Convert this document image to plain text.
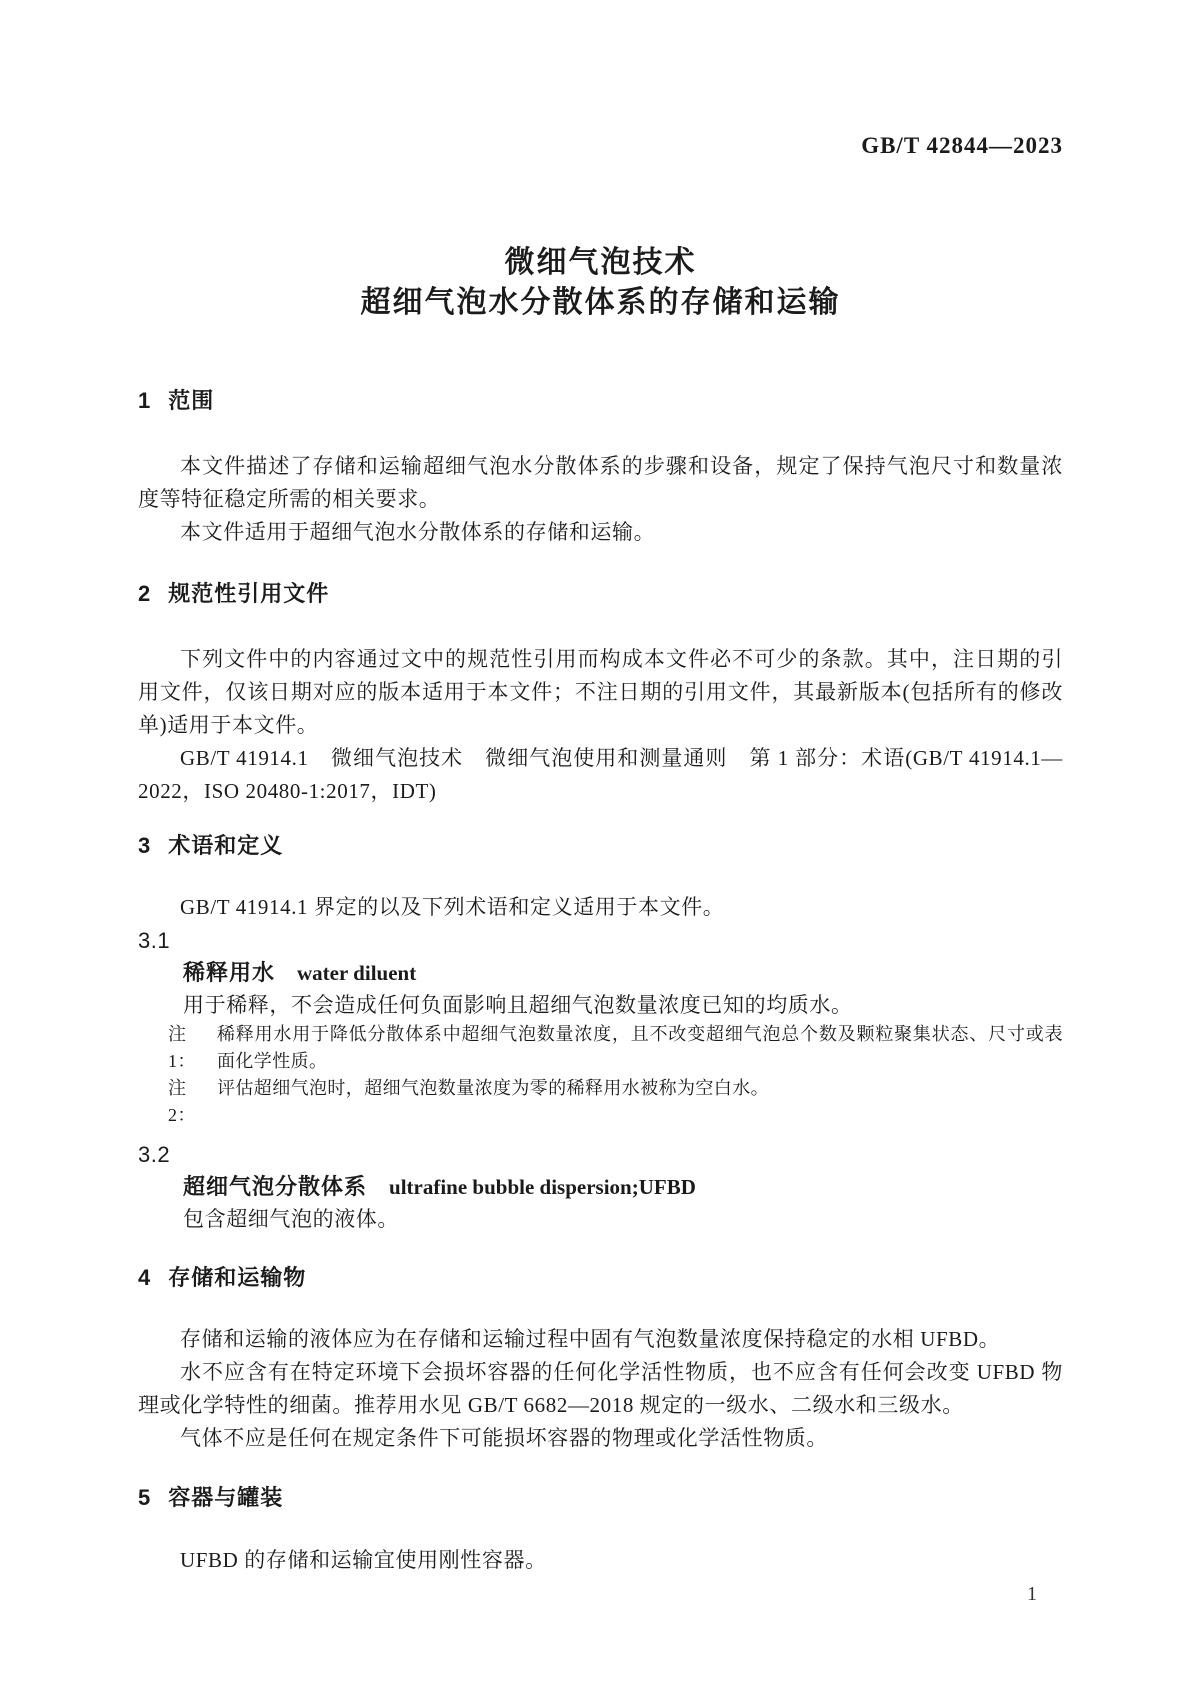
GB/T 42844—2023
微细气泡技术
超细气泡水分散体系的存储和运输
1 范围

本文件描述了存储和运输超细气泡水分散体系的步骤和设备，规定了保持气泡尺寸和数量浓度等特征稳定所需的相关要求。

本文件适用于超细气泡水分散体系的存储和运输。

2 规范性引用文件

下列文件中的内容通过文中的规范性引用而构成本文件必不可少的条款。其中，注日期的引用文件，仅该日期对应的版本适用于本文件；不注日期的引用文件，其最新版本(包括所有的修改单)适用于本文件。

GB/T 41914.1　微细气泡技术　微细气泡使用和测量通则　第 1 部分：术语(GB/T 41914.1—2022，ISO 20480-1:2017，IDT)

3 术语和定义

GB/T 41914.1 界定的以及下列术语和定义适用于本文件。

3.1
稀释用水 water diluent

用于稀释，不会造成任何负面影响且超细气泡数量浓度已知的均质水。

注 1：

稀释用水用于降低分散体系中超细气泡数量浓度，且不改变超细气泡总个数及颗粒聚集状态、尺寸或表面化学性质。

注 2：

评估超细气泡时，超细气泡数量浓度为零的稀释用水被称为空白水。

3.2
超细气泡分散体系 ultrafine bubble dispersion;UFBD

包含超细气泡的液体。

4 存储和运输物

存储和运输的液体应为在存储和运输过程中固有气泡数量浓度保持稳定的水相 UFBD。

水不应含有在特定环境下会损坏容器的任何化学活性物质，也不应含有任何会改变 UFBD 物理或化学特性的细菌。推荐用水见 GB/T 6682—2018 规定的一级水、二级水和三级水。

气体不应是任何在规定条件下可能损坏容器的物理或化学活性物质。

5 容器与罐装

UFBD 的存储和运输宜使用刚性容器。

1
